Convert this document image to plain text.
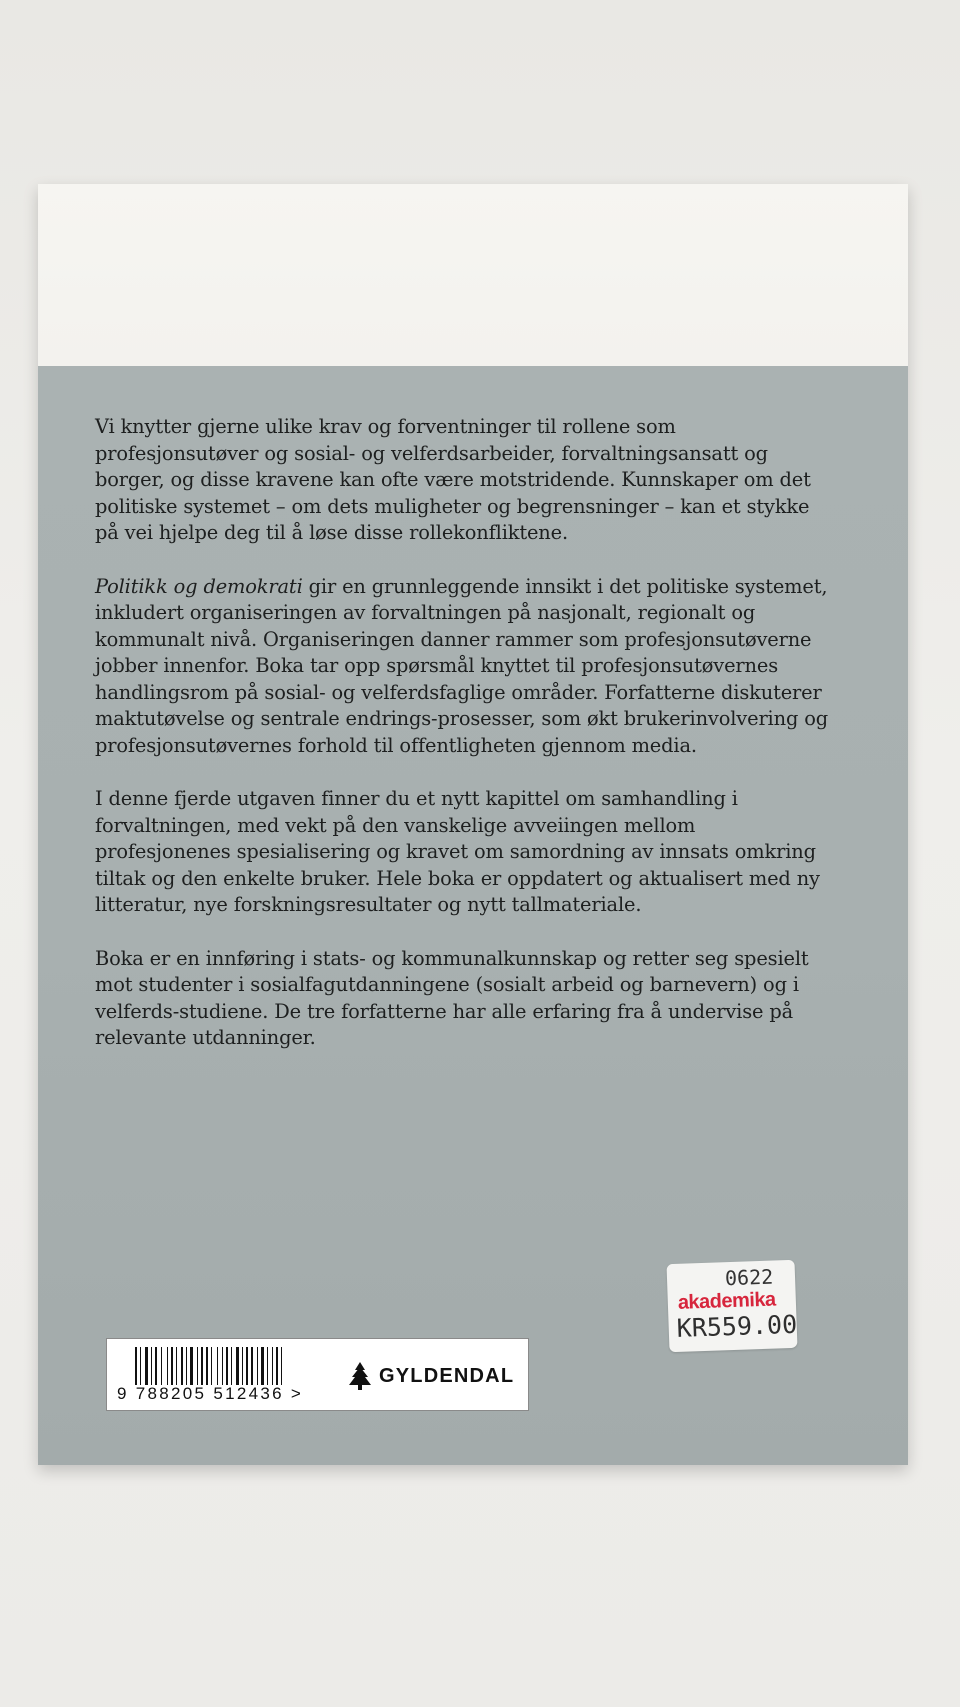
Vi knytter gjerne ulike krav og forventninger til rollene som profesjonsutøver og sosial- og velferdsarbeider, forvaltningsansatt og borger, og disse kravene kan ofte være motstridende. Kunnskaper om det politiske systemet – om dets muligheter og begrensninger – kan et stykke på vei hjelpe deg til å løse disse rollekonfliktene.

Politikk og demokrati gir en grunnleggende innsikt i det politiske systemet, inkludert organiseringen av forvaltningen på nasjonalt, regionalt og kommunalt nivå. Organiseringen danner rammer som profesjonsutøverne jobber innenfor. Boka tar opp spørsmål knyttet til profesjonsutøvernes handlingsrom på sosial- og velferdsfaglige områder. Forfatterne diskuterer maktutøvelse og sentrale endrings-prosesser, som økt brukerinvolvering og profesjonsutøvernes forhold til offentligheten gjennom media.

I denne fjerde utgaven finner du et nytt kapittel om samhandling i forvaltningen, med vekt på den vanskelige avveiingen mellom profesjonenes spesialisering og kravet om samordning av innsats omkring tiltak og den enkelte bruker. Hele boka er oppdatert og aktualisert med ny litteratur, nye forskningsresultater og nytt tallmateriale.

Boka er en innføring i stats- og kommunalkunnskap og retter seg spesielt mot studenter i sosialfagutdanningene (sosialt arbeid og barnevern) og i velferds-studiene. De tre forfatterne har alle erfaring fra å undervise på relevante utdanninger.

9 788205 512436 >
GYLDENDAL
0622
akademika
KR559.00
